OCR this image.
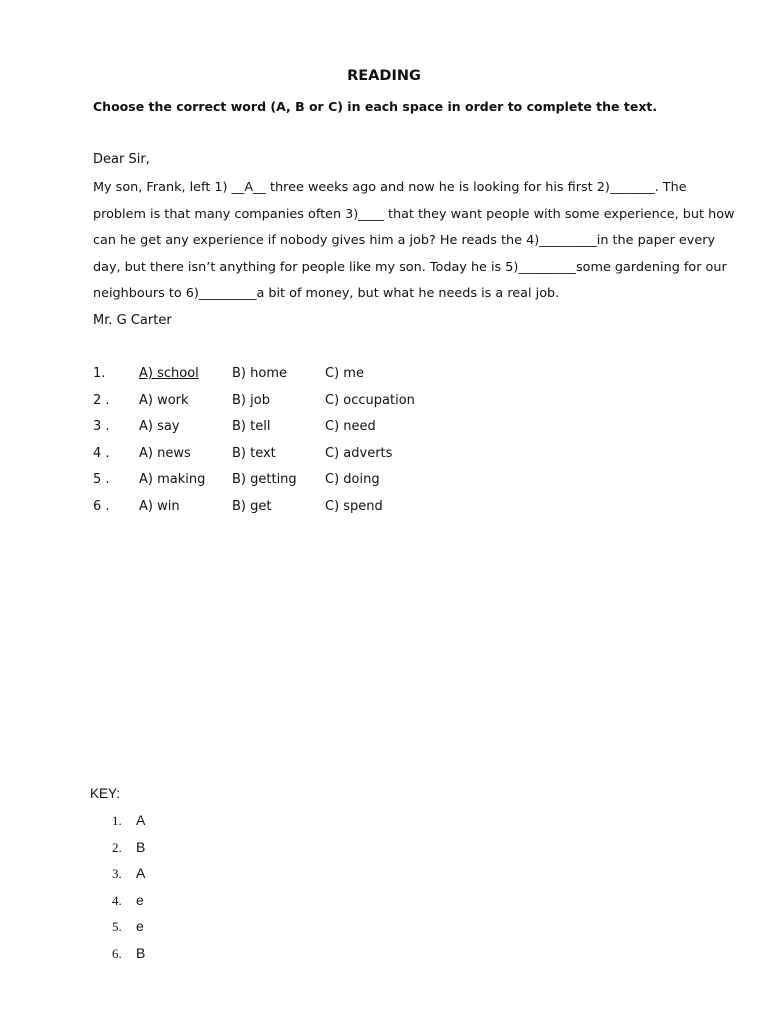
READING
Choose the correct word (A, B or C) in each space in order to complete the text.
Dear Sir,
My son, Frank, left 1) __A__ three weeks ago and now he is looking for his first 2)_______. The
problem is that many companies often 3)____ that they want people with some experience, but how
can he get any experience if nobody gives him a job? He reads the 4)_________in the paper every
day, but there isn’t anything for people like my son. Today he is 5)_________some gardening for our
neighbours to 6)_________a bit of money, but what he needs is a real job.
Mr. G Carter
1.	A) school	B) home	C) me
2 . A) work	B) job	C) occupation
3 . A) say	B) tell	C) need
4 . A) news	B) text	C) adverts
5 . A) making B) getting C) doing
6 . A) win	B) get	C) spend
KEY:
1. A
2. B
3. A
4. e
5. e
6. B
